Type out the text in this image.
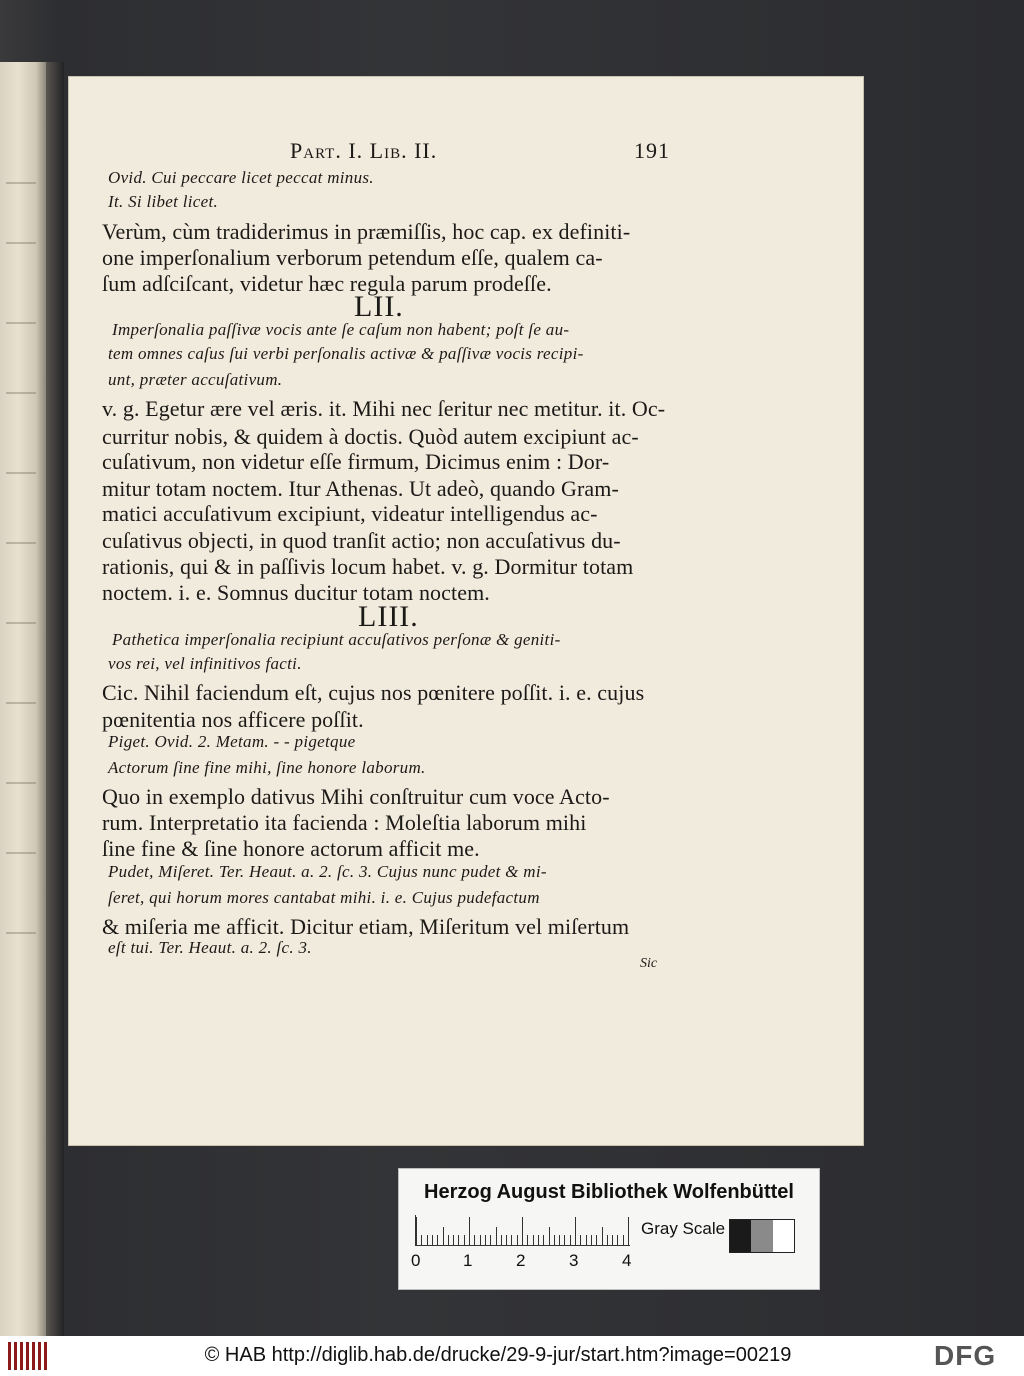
Part. I. Lib. II.	191
Ovid. Cui peccare licet peccat minus.
It. Si libet licet.
Verùm, cùm tradiderimus in præmiſſis, hoc cap. ex definiti-
one imperſonalium verborum petendum eſſe, qualem ca-
ſum adſciſcant, videtur hæc regula parum prodeſſe.
LII.
Imperſonalia paſſivæ vocis ante ſe caſum non habent; poſt ſe au-
tem omnes caſus ſui verbi perſonalis activæ & paſſivæ vocis recipi-
unt, præter accuſativum.
v. g. Egetur ære vel æris. it. Mihi nec ſeritur nec metitur. it. Oc-
curritur nobis, & quidem à doctis. Quòd autem excipiunt ac-
cuſativum, non videtur eſſe firmum, Dicimus enim : Dor-
mitur totam noctem. Itur Athenas. Ut adeò, quando Gram-
matici accuſativum excipiunt, videatur intelligendus ac-
cuſativus objecti, in quod tranſit actio; non accuſativus du-
rationis, qui & in paſſivis locum habet. v. g. Dormitur totam
noctem. i. e. Somnus ducitur totam noctem.
LIII.
Pathetica imperſonalia recipiunt accuſativos perſonæ & geniti-
vos rei, vel infinitivos facti.
Cic. Nihil faciendum eſt, cujus nos pœnitere poſſit. i. e. cujus
pœnitentia nos afficere poſſit.
Piget. Ovid. 2. Metam. - - pigetque
Actorum ſine fine mihi, ſine honore laborum.
Quo in exemplo dativus Mihi conſtruitur cum voce Acto-
rum. Interpretatio ita facienda : Moleſtia laborum mihi
ſine fine & ſine honore actorum afficit me.
Pudet, Miſeret. Ter. Heaut. a. 2. ſc. 3. Cujus nunc pudet & mi-
ſeret, qui horum mores cantabat mihi. i. e. Cujus pudefactum
& miſeria me afficit. Dicitur etiam, Miſeritum vel miſertum
eſt tui. Ter. Heaut. a. 2. ſc. 3.
Sic
Herzog August Bibliothek Wolfenbüttel
0	1	2	3	4
Gray Scale
© HAB http://diglib.hab.de/drucke/29-9-jur/start.htm?image=00219	DFG
